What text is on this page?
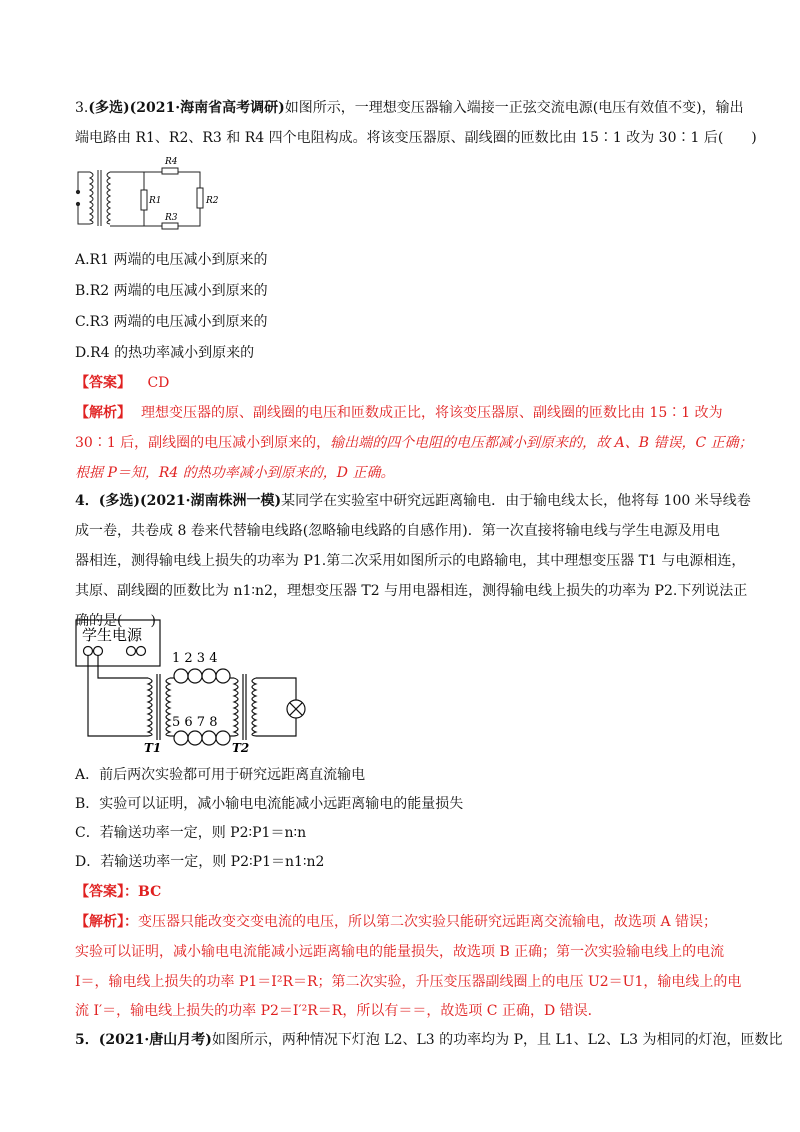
3.(多选)(2021·海南省高考调研)如图所示，一理想变压器输入端接一正弦交流电源(电压有效值不变)，输出
端电路由 R1、R2、R3 和 R4 四个电阻构成。将该变压器原、副线圈的匝数比由 15∶1 改为 30∶1 后(　　)
R4
R1	R2
R3
A.R1 两端的电压减小到原来的
B.R2 两端的电压减小到原来的
C.R3 两端的电压减小到原来的
D.R4 的热功率减小到原来的
【答案】 CD
【解析】 理想变压器的原、副线圈的电压和匝数成正比，将该变压器原、副线圈的匝数比由 15∶1 改为
30∶1 后，副线圈的电压减小到原来的，输出端的四个电阻的电压都减小到原来的，故 A、B 错误，C 正确；
根据 P＝知，R4 的热功率减小到原来的，D 正确。
4．(多选)(2021·湖南株洲一模)某同学在实验室中研究远距离输电．由于输电线太长，他将每 100 米导线卷
成一卷，共卷成 8 卷来代替输电线路(忽略输电线路的自感作用)．第一次直接将输电线与学生电源及用电
器相连，测得输电线上损失的功率为 P1.第二次采用如图所示的电路输电，其中理想变压器 T1 与电源相连，
其原、副线圈的匝数比为 n1∶n2，理想变压器 T2 与用电器相连，测得输电线上损失的功率为 P2.下列说法正
确的是(　　)
学生电源
1 2 3 4
5 6 7 8
T1	T2
A．前后两次实验都可用于研究远距离直流输电
B．实验可以证明，减小输电电流能减小远距离输电的能量损失
C．若输送功率一定，则 P2∶P1＝n∶n
D．若输送功率一定，则 P2∶P1＝n1∶n2
【答案】：BC
【解析】：变压器只能改变交变电流的电压，所以第二次实验只能研究远距离交流输电，故选项 A 错误；
实验可以证明，减小输电电流能减小远距离输电的能量损失，故选项 B 正确；第一次实验输电线上的电流
I＝，输电线上损失的功率 P1＝I²R＝R；第二次实验，升压变压器副线圈上的电压 U2＝U1，输电线上的电
流 I′＝，输电线上损失的功率 P2＝I′²R＝R，所以有＝＝，故选项 C 正确，D 错误．
5．(2021·唐山月考)如图所示，两种情况下灯泡 L2、L3 的功率均为 P，且 L1、L2、L3 为相同的灯泡，匝数比
